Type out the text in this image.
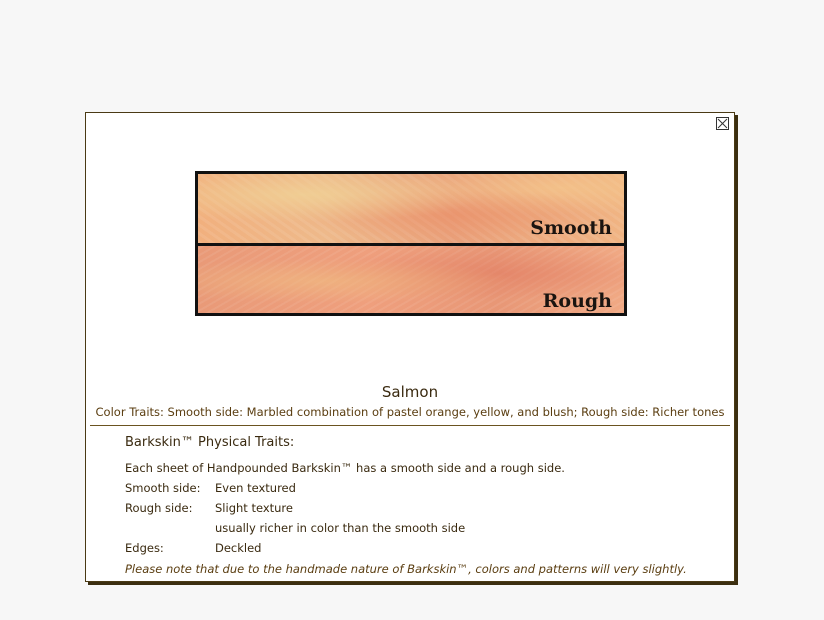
Smooth
Rough
Salmon
Color Traits: Smooth side: Marbled combination of pastel orange, yellow, and blush; Rough side: Richer tones
Barkskin™ Physical Traits:
Each sheet of Handpounded Barkskin™ has a smooth side and a rough side.
Smooth side: Even textured
Rough side: Slight texture
usually richer in color than the smooth side
Edges:	Deckled
Please note that due to the handmade nature of Barkskin™, colors and patterns will very slightly.
